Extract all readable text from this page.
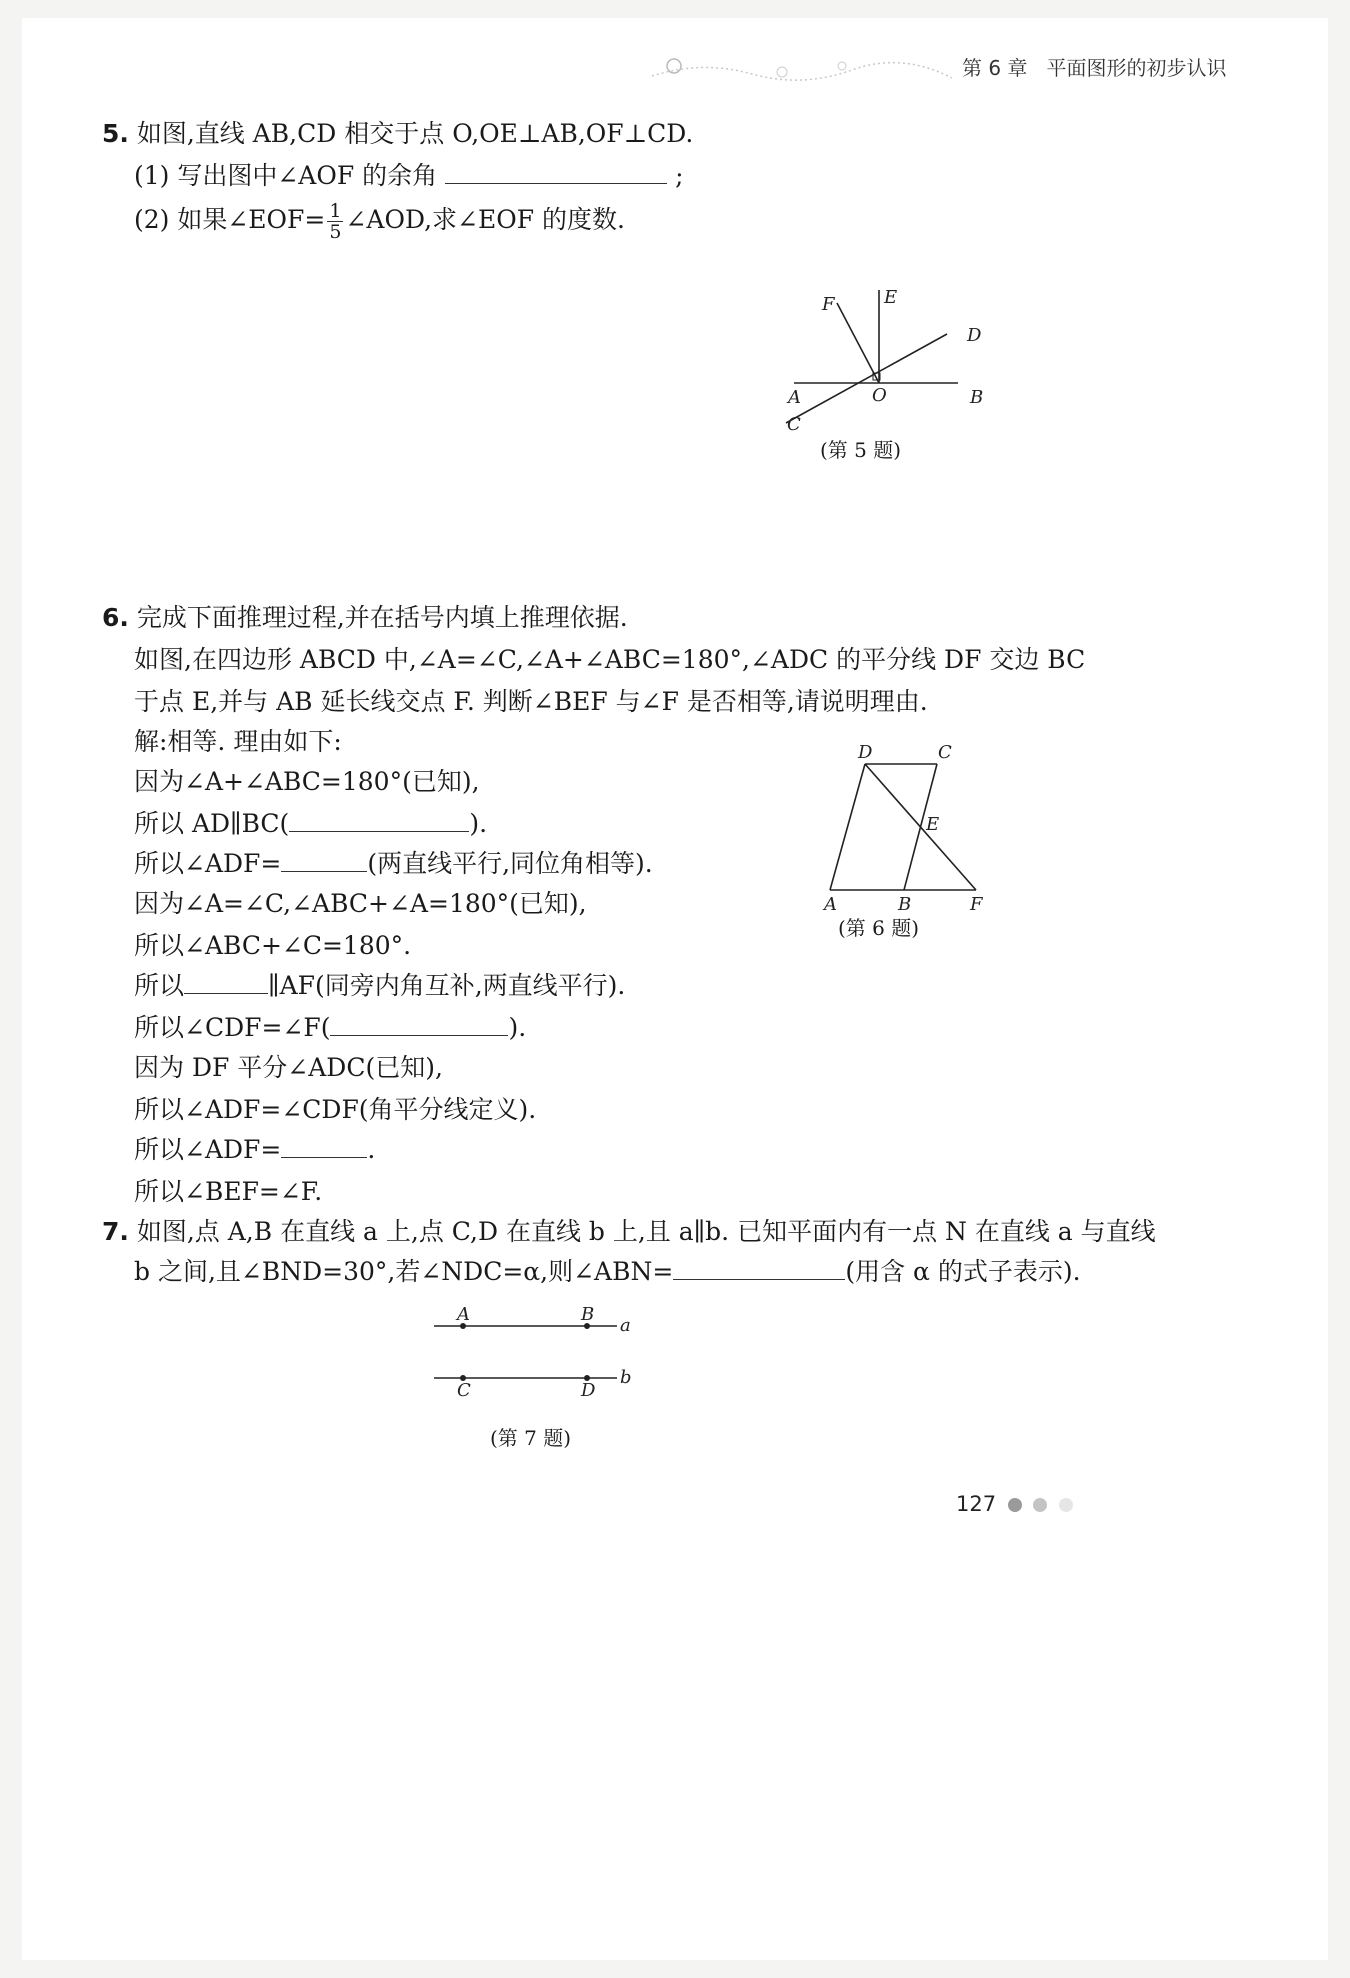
第 6 章 平面图形的初步认识
5. 如图,直线 AB,CD 相交于点 O,OE⊥AB,OF⊥CD.
(1) 写出图中∠AOF 的余角	;
(2) 如果∠EOF= $\frac{1}{5}$ ∠AOD,求∠EOF 的度数.
F	E
D
A	O	B
C
(第 5 题)
6. 完成下面推理过程,并在括号内填上推理依据.
如图,在四边形 ABCD 中,∠A=∠C,∠A+∠ABC=180°,∠ADC 的平分线 DF 交边 BC
于点 E,并与 AB 延长线交点 F. 判断∠BEF 与∠F 是否相等,请说明理由.
解:相等. 理由如下:
因为∠A+∠ABC=180°(已知),
所以 AD∥BC(	).
所以∠ADF=	(两直线平行,同位角相等).
因为∠A=∠C,∠ABC+∠A=180°(已知),
所以∠ABC+∠C=180°.
所以	∥AF(同旁内角互补,两直线平行).
所以∠CDF=∠F(	).
因为 DF 平分∠ADC(已知),
所以∠ADF=∠CDF(角平分线定义).
所以∠ADF=	.
所以∠BEF=∠F.
D	C
E
A	B	F
(第 6 题)
7. 如图,点 A,B 在直线 a 上,点 C,D 在直线 b 上,且 a∥b. 已知平面内有一点 N 在直线 a 与直线
b 之间,且∠BND=30°,若∠NDC=α,则∠ABN=	(用含 α 的式子表示).
A	B
a
C	D
b
(第 7 题)
127
